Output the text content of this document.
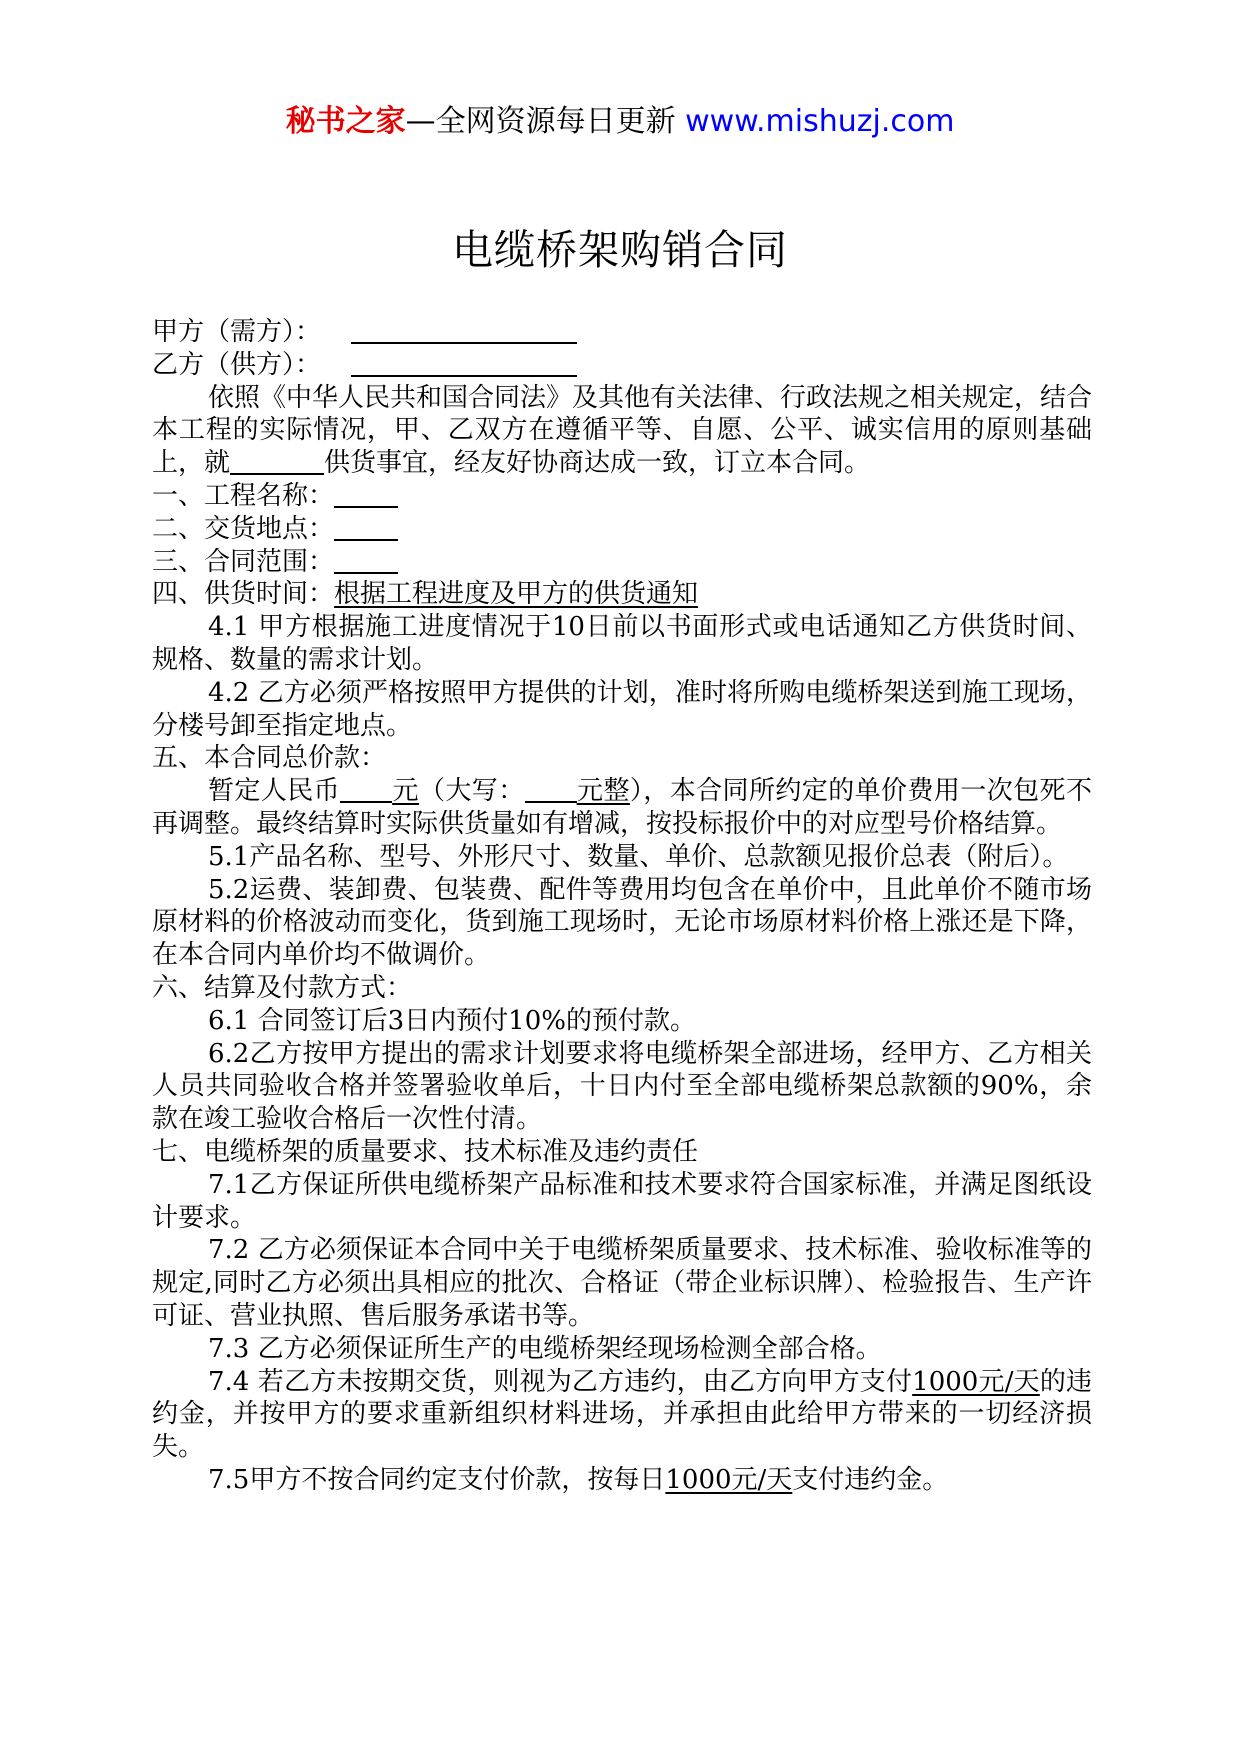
秘书之家—全网资源每日更新 www.mishuzj.com
电缆桥架购销合同
甲方（需方）：
乙方（供方）：
依照《中华人民共和国合同法》及其他有关法律、行政法规之相关规定，结合本工程的实际情况，甲、乙双方在遵循平等、自愿、公平、诚实信用的原则基础上，就	供货事宜，经友好协商达成一致，订立本合同。
一、工程名称：
二、交货地点：
三、合同范围：
四、供货时间：根据工程进度及甲方的供货通知
4.1 甲方根据施工进度情况于10日前以书面形式或电话通知乙方供货时间、规格、数量的需求计划。
4.2 乙方必须严格按照甲方提供的计划，准时将所购电缆桥架送到施工现场，分楼号卸至指定地点。
五、本合同总价款：
暂定人民币 元（大写： 元整），本合同所约定的单价费用一次包死不再调整。最终结算时实际供货量如有增减，按投标报价中的对应型号价格结算。
5.1产品名称、型号、外形尺寸、数量、单价、总款额见报价总表（附后）。
5.2运费、装卸费、包装费、配件等费用均包含在单价中，且此单价不随市场原材料的价格波动而变化，货到施工现场时，无论市场原材料价格上涨还是下降，在本合同内单价均不做调价。
六、结算及付款方式：
6.1 合同签订后3日内预付10%的预付款。
6.2乙方按甲方提出的需求计划要求将电缆桥架全部进场，经甲方、乙方相关人员共同验收合格并签署验收单后，十日内付至全部电缆桥架总款额的90%，余款在竣工验收合格后一次性付清。
七、电缆桥架的质量要求、技术标准及违约责任
7.1乙方保证所供电缆桥架产品标准和技术要求符合国家标准，并满足图纸设计要求。
7.2 乙方必须保证本合同中关于电缆桥架质量要求、技术标准、验收标准等的规定,同时乙方必须出具相应的批次、合格证（带企业标识牌）、检验报告、生产许可证、营业执照、售后服务承诺书等。
7.3 乙方必须保证所生产的电缆桥架经现场检测全部合格。
7.4 若乙方未按期交货，则视为乙方违约，由乙方向甲方支付1000元/天的违约金，并按甲方的要求重新组织材料进场，并承担由此给甲方带来的一切经济损失。
7.5甲方不按合同约定支付价款，按每日1000元/天支付违约金。
